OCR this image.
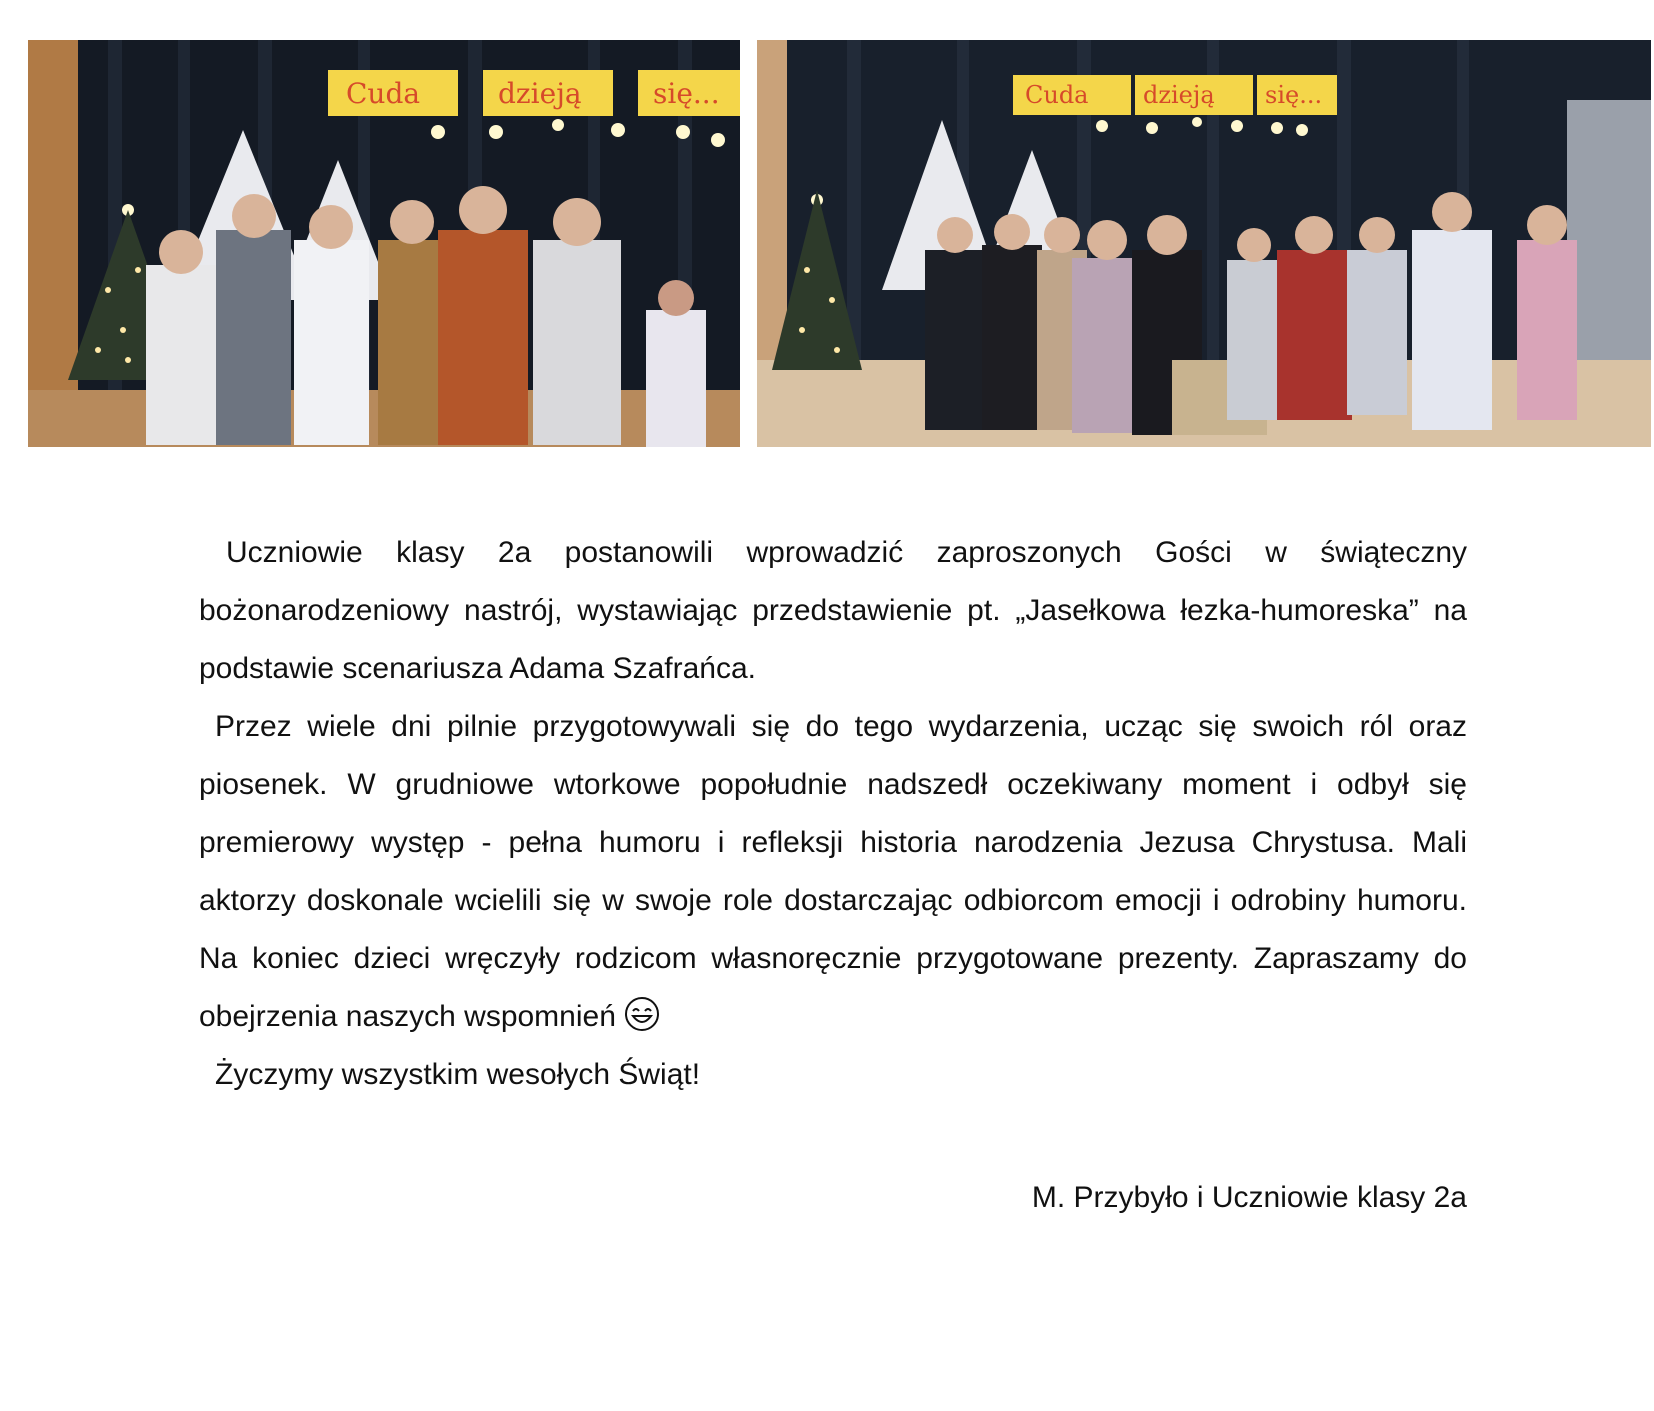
Cuda	dzieją	się...	Cuda dzieją się...

Uczniowie klasy 2a postanowili wprowadzić zaproszonych Gości w świąteczny bożonarodzeniowy nastrój, wystawiając przedstawienie pt. „Jasełkowa łezka-humoreska” na podstawie scenariusza Adama Szafrańca.

Przez wiele dni pilnie przygotowywali się do tego wydarzenia, ucząc się swoich ról oraz piosenek. W grudniowe wtorkowe popołudnie nadszedł oczekiwany moment i odbył się premierowy występ - pełna humoru i refleksji historia narodzenia Jezusa Chrystusa. Mali aktorzy doskonale wcielili się w swoje role dostarczając odbiorcom emocji i odrobiny humoru. Na koniec dzieci wręczyły rodzicom własnoręcznie przygotowane prezenty. Zapraszamy do obejrzenia naszych wspomnień

Życzymy wszystkim wesołych Świąt!

M. Przybyło i Uczniowie klasy 2a
